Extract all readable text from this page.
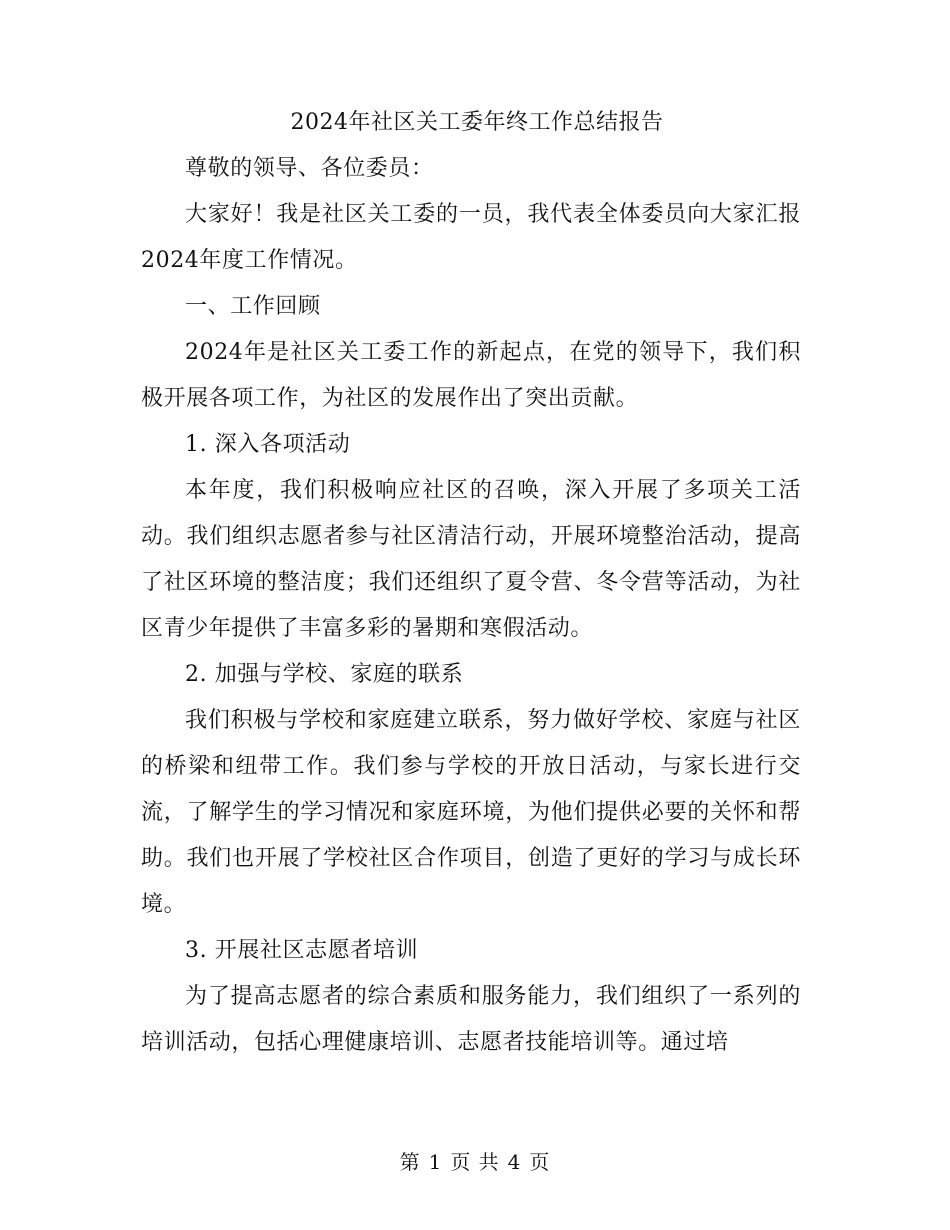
2024年社区关工委年终工作总结报告

尊敬的领导、各位委员：

大家好！我是社区关工委的一员，我代表全体委员向大家汇报2024年度工作情况。

一、工作回顾

2024年是社区关工委工作的新起点，在党的领导下，我们积极开展各项工作，为社区的发展作出了突出贡献。

1. 深入各项活动

本年度，我们积极响应社区的召唤，深入开展了多项关工活动。我们组织志愿者参与社区清洁行动，开展环境整治活动，提高了社区环境的整洁度；我们还组织了夏令营、冬令营等活动，为社区青少年提供了丰富多彩的暑期和寒假活动。

2. 加强与学校、家庭的联系

我们积极与学校和家庭建立联系，努力做好学校、家庭与社区的桥梁和纽带工作。我们参与学校的开放日活动，与家长进行交流，了解学生的学习情况和家庭环境，为他们提供必要的关怀和帮助。我们也开展了学校社区合作项目，创造了更好的学习与成长环境。

3. 开展社区志愿者培训

为了提高志愿者的综合素质和服务能力，我们组织了一系列的培训活动，包括心理健康培训、志愿者技能培训等。通过培

第 1 页 共 4 页
